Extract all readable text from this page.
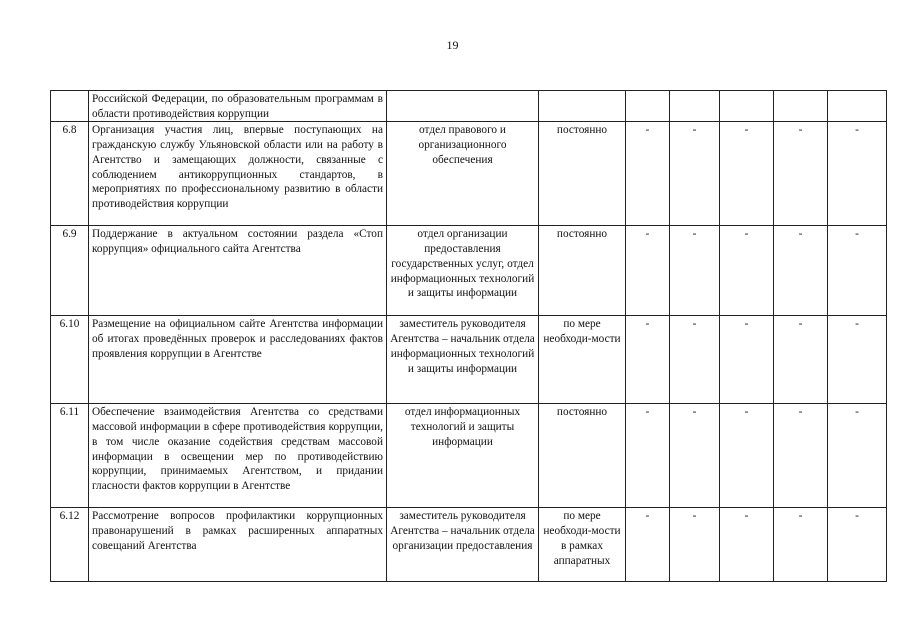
19
	Российской Федерации, по образовательным программам в области противодействия коррупции							
6.8	Организация участия лиц, впервые поступающих на гражданскую службу Ульяновской области или на работу в Агентство и замещающих должности, связанные с соблюдением антикоррупционных стандартов, в мероприятиях по профессиональному развитию в области противодействия коррупции	отдел правового и организационного обеспечения	постоянно	-	-	-	-	-
6.9	Поддержание в актуальном состоянии раздела «Стоп коррупция» официального сайта Агентства	отдел организации предоставления государственных услуг, отдел информационных технологий и защиты информации	постоянно	-	-	-	-	-
6.10	Размещение на официальном сайте Агентства информации об итогах проведённых проверок и расследованиях фактов проявления коррупции в Агентстве	заместитель руководителя Агентства – начальник отдела информационных технологий и защиты информации	по мере необходи-мости	-	-	-	-	-
6.11	Обеспечение взаимодействия Агентства со средствами массовой информации в сфере противодействия коррупции, в том числе оказание содействия средствам массовой информации в освещении мер по противодействию коррупции, принимаемых Агентством, и придании гласности фактов коррупции в Агентстве	отдел информационных технологий и защиты информации	постоянно	-	-	-	-	-
6.12	Рассмотрение вопросов профилактики коррупционных правонарушений в рамках расширенных аппаратных совещаний Агентства	заместитель руководителя Агентства – начальник отдела организации предоставления	по мере необходи-мости в рамках аппаратных	-	-	-	-	-
